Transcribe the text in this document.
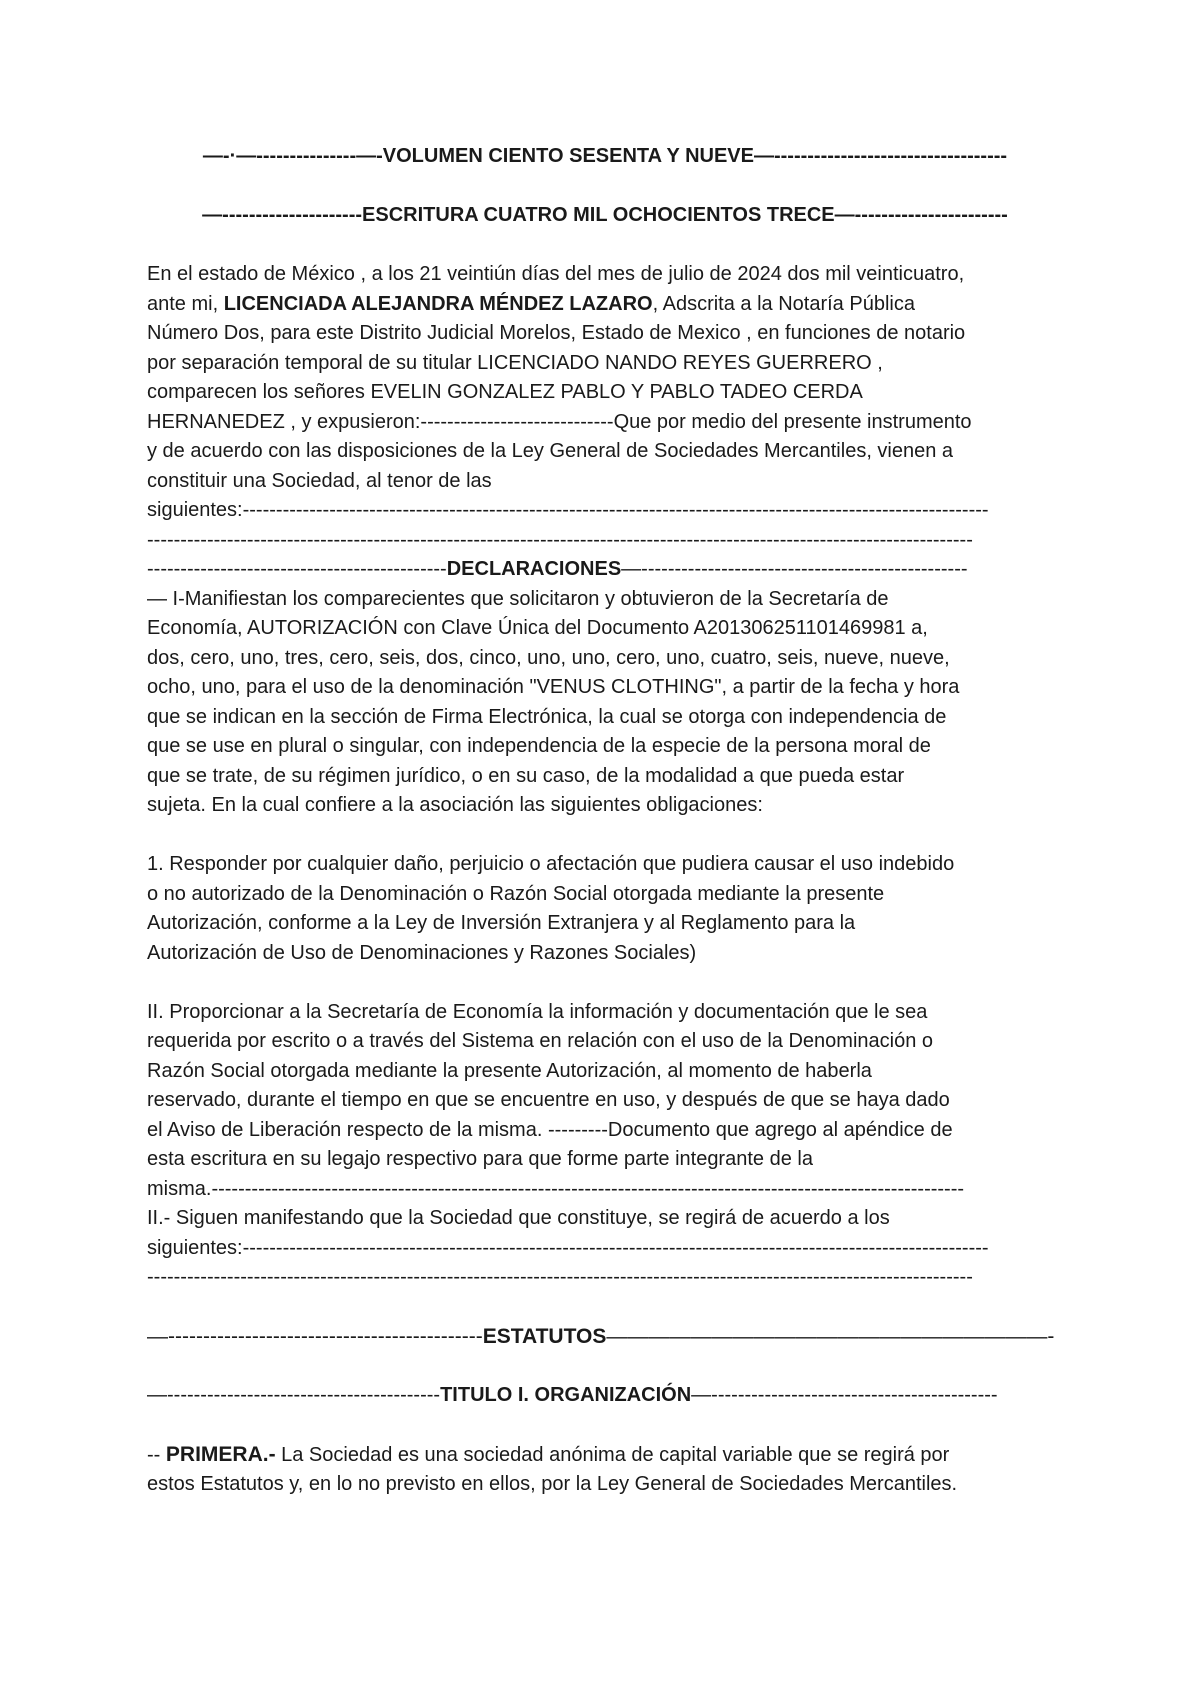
—-·—---------------—-VOLUMEN CIENTO SESENTA Y NUEVE—-----------------------------------
—---------------------ESCRITURA CUATRO MIL OCHOCIENTOS TRECE—-----------------------
En el estado de México , a los 21 veintiún días del mes de julio de 2024 dos mil veinticuatro,
ante mi, LICENCIADA ALEJANDRA MÉNDEZ LAZARO, Adscrita a la Notaría Pública
Número Dos, para este Distrito Judicial Morelos, Estado de Mexico , en funciones de notario
por separación temporal de su titular LICENCIADO NANDO REYES GUERRERO ,
comparecen los señores EVELIN GONZALEZ PABLO Y PABLO TADEO CERDA
HERNANEDEZ , y expusieron:-----------------------------Que por medio del presente instrumento
y de acuerdo con las disposiciones de la Ley General de Sociedades Mercantiles, vienen a
constituir una Sociedad, al tenor de las
siguientes:----------------------------------------------------------------------------------------------------------------
----------------------------------------------------------------------------------------------------------------------------
---------------------------------------------DECLARACIONES—-------------------------------------------------
— I-Manifiestan los comparecientes que solicitaron y obtuvieron de la Secretaría de
Economía, AUTORIZACIÓN con Clave Única del Documento A201306251101469981 a,
dos, cero, uno, tres, cero, seis, dos, cinco, uno, uno, cero, uno, cuatro, seis, nueve, nueve,
ocho, uno, para el uso de la denominación "VENUS CLOTHING", a partir de la fecha y hora
que se indican en la sección de Firma Electrónica, la cual se otorga con independencia de
que se use en plural o singular, con independencia de la especie de la persona moral de
que se trate, de su régimen jurídico, o en su caso, de la modalidad a que pueda estar
sujeta. En la cual confiere a la asociación las siguientes obligaciones:
1. Responder por cualquier daño, perjuicio o afectación que pudiera causar el uso indebido
o no autorizado de la Denominación o Razón Social otorgada mediante la presente
Autorización, conforme a la Ley de Inversión Extranjera y al Reglamento para la
Autorización de Uso de Denominaciones y Razones Sociales)
II. Proporcionar a la Secretaría de Economía la información y documentación que le sea
requerida por escrito o a través del Sistema en relación con el uso de la Denominación o
Razón Social otorgada mediante la presente Autorización, al momento de haberla
reservado, durante el tiempo en que se encuentre en uso, y después de que se haya dado
el Aviso de Liberación respecto de la misma. ---------Documento que agrego al apéndice de
esta escritura en su legajo respectivo para que forme parte integrante de la
misma.-----------------------------------------------------------------------------------------------------------------
II.- Siguen manifestando que la Sociedad que constituye, se regirá de acuerdo a los
siguientes:----------------------------------------------------------------------------------------------------------------
----------------------------------------------------------------------------------------------------------------------------
—---------------------------------------------ESTATUTOS—————————————————————-
—-----------------------------------------TITULO I. ORGANIZACIÓN—-------------------------------------------
-- PRIMERA.- La Sociedad es una sociedad anónima de capital variable que se regirá por
estos Estatutos y, en lo no previsto en ellos, por la Ley General de Sociedades Mercantiles.
